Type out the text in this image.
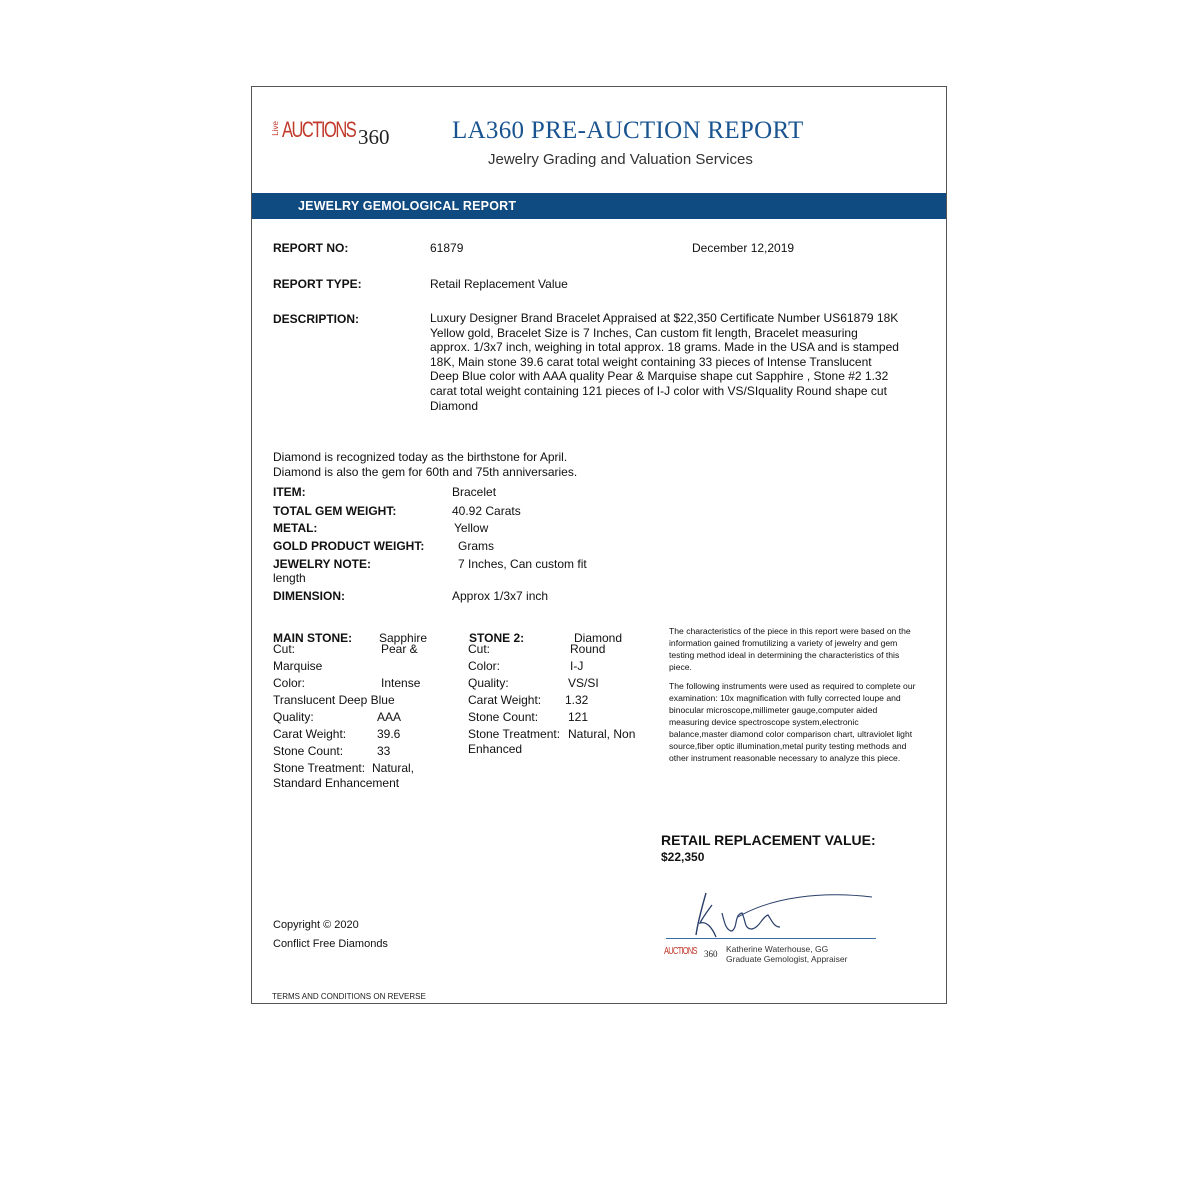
Live AUCTIONS 360	LA360 PRE-AUCTION REPORT
Jewelry Grading and Valuation Services
JEWELRY GEMOLOGICAL REPORT
REPORT NO:	61879	December 12,2019
REPORT TYPE:	Retail Replacement Value
DESCRIPTION:	Luxury Designer Brand Bracelet Appraised at $22,350 Certificate Number US61879 18K Yellow gold, Bracelet Size is 7 Inches, Can custom fit length, Bracelet measuring approx. 1/3x7 inch, weighing in total approx. 18 grams. Made in the USA and is stamped 18K, Main stone 39.6 carat total weight containing 33 pieces of Intense Translucent Deep Blue color with AAA quality Pear & Marquise shape cut Sapphire , Stone #2 1.32 carat total weight containing 121 pieces of I-J color with VS/SIquality Round shape cut Diamond
Diamond is recognized today as the birthstone for April.
Diamond is also the gem for 60th and 75th anniversaries.
ITEM:	Bracelet
TOTAL GEM WEIGHT:	40.92 Carats
METAL:	Yellow
GOLD PRODUCT WEIGHT:	Grams
JEWELRY NOTE:	7 Inches, Can custom fit
length
DIMENSION:	Approx 1/3x7 inch
MAIN STONE: Sapphire
Cut:	Pear &
Marquise
Color:	Intense
Translucent Deep Blue
Quality:	AAA
Carat Weight:	39.6
Stone Count:	33
Stone Treatment: Natural,
Standard Enhancement
STONE 2:	Diamond
Cut:	Round
Color:	I-J
Quality:	VS/SI
Carat Weight: 1.32
Stone Count: 121
Stone Treatment: Natural, Non
Enhanced

The characteristics of the piece in this report were based on the information gained fromutilizing a variety of jewelry and gem testing method ideal in determining the characteristics of this piece.

The following instruments were used as required to complete our examination: 10x magnification with fully corrected loupe and binocular microscope,millimeter gauge,computer aided measuring device spectroscope system,electronic balance,master diamond color comparison chart, ultraviolet light source,fiber optic illumination,metal purity testing methods and other instrument reasonable necessary to analyze this piece.

RETAIL REPLACEMENT VALUE:
$22,350
Copyright © 2020
Conflict Free Diamonds
AUCTIONS 360 Katherine Waterhouse, GG
Graduate Gemologist, Appraiser
TERMS AND CONDITIONS ON REVERSE
